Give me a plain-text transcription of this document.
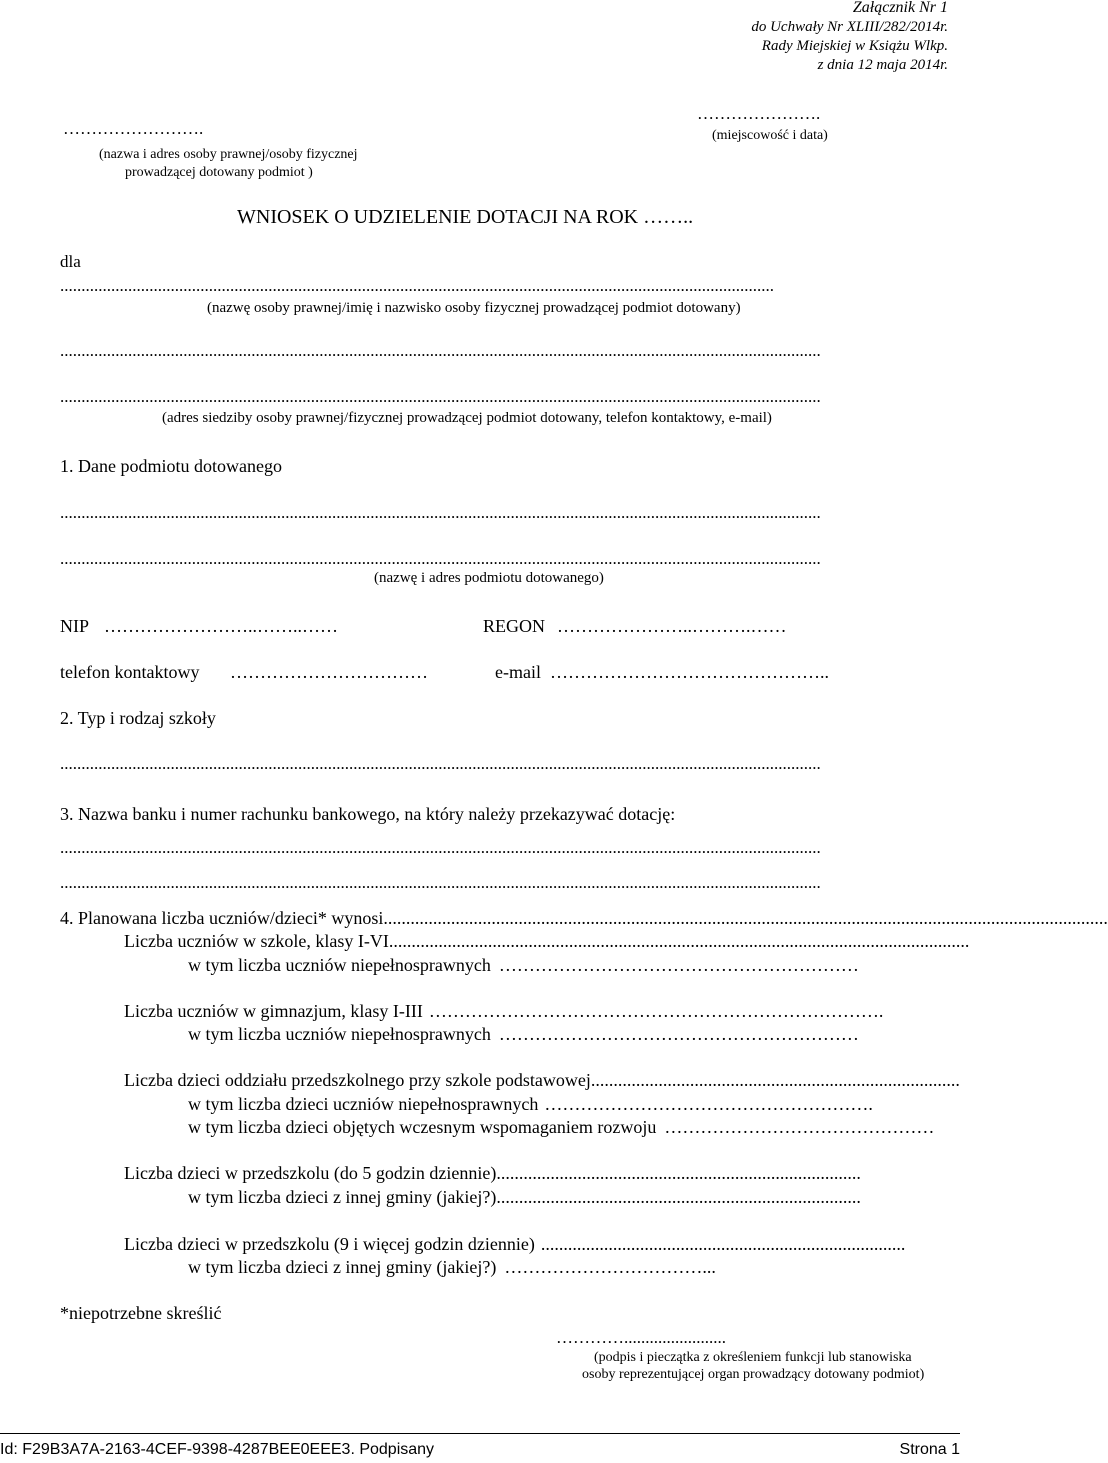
Załącznik Nr 1
do Uchwały Nr XLIII/282/2014r.
Rady Miejskiej w Książu Wlkp.
z dnia 12 maja 2014r.
…………………….
(nazwa i adres osoby prawnej/osoby fizycznej
prowadzącej dotowany podmiot )
………………….
(miejscowość i data)
WNIOSEK O UDZIELENIE DOTACJI NA ROK ……..
dla
........................................................................................................................................................................
(nazwę osoby prawnej/imię i nazwisko osoby fizycznej prowadzącej podmiot dotowany)
...................................................................................................................................................................................
...................................................................................................................................................................................
(adres siedziby osoby prawnej/fizycznej prowadzącej podmiot dotowany, telefon kontaktowy, e-mail)
1. Dane podmiotu dotowanego
...................................................................................................................................................................................
...................................................................................................................................................................................
(nazwę i adres podmiotu dotowanego)
NIP ……………………..……..……	REGON …………………..……….……
telefon kontaktowy ……………………………	e-mail ………………………………………..
2. Typ i rodzaj szkoły
...................................................................................................................................................................................
3. Nazwa banku i numer rachunku bankowego, na który należy przekazywać dotację:
...................................................................................................................................................................................
...................................................................................................................................................................................
4. Planowana liczba uczniów/dzieci* wynosi .................................................................................................................................................................
Liczba uczniów w szkole, klasy I-VI .................................................................................................................................
w tym liczba uczniów niepełnosprawnych ……………………………………………………
Liczba uczniów w gimnazjum, klasy I-III ………………………………………………………………….
w tym liczba uczniów niepełnosprawnych ……………………………………………………
Liczba dzieci oddziału przedszkolnego przy szkole podstawowej ..................................................................................
w tym liczba dzieci uczniów niepełnosprawnych ……………………………………………….
w tym liczba dzieci objętych wczesnym wspomaganiem rozwoju ………………………………………
Liczba dzieci w przedszkolu (do 5 godzin dziennie) .................................................................................
w tym liczba dzieci z innej gminy (jakiej?) .................................................................................
Liczba dzieci w przedszkolu (9 i więcej godzin dziennie) .................................................................................
w tym liczba dzieci z innej gminy (jakiej?) ……………………………...
*niepotrzebne skreślić
…………........................
(podpis i pieczątka z określeniem funkcji lub stanowiska
osoby reprezentującej organ prowadzący dotowany podmiot)
Id: F29B3A7A-2163-4CEF-9398-4287BEE0EEE3. Podpisany	Strona 1
